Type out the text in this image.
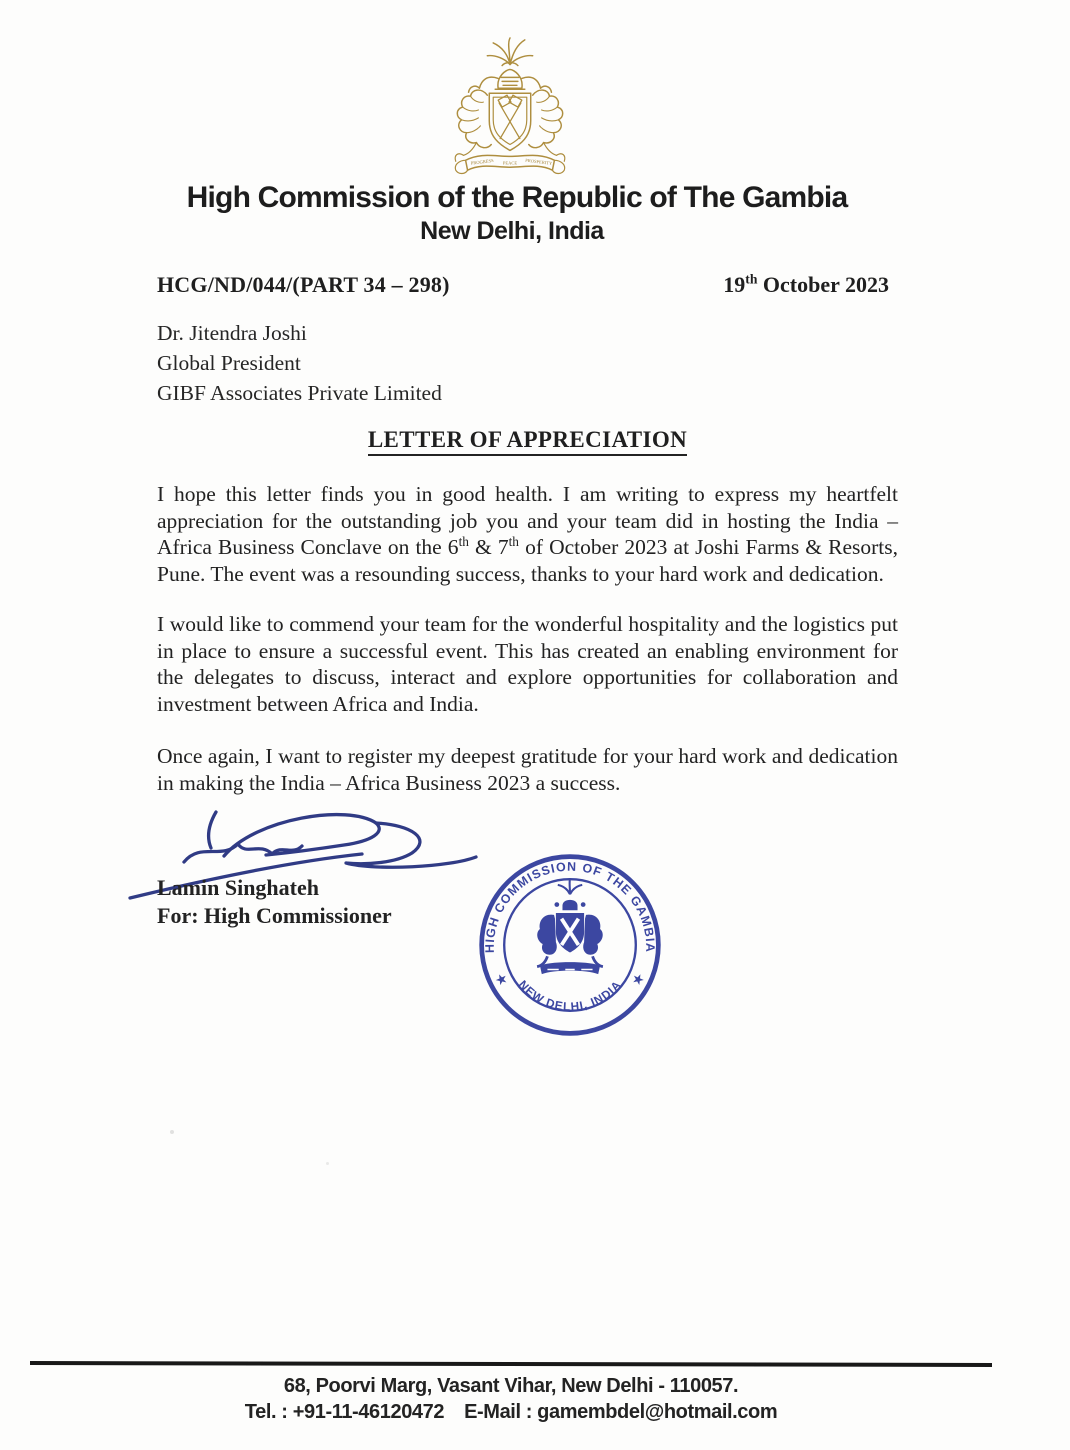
PROGRESS PEACE PROSPERITY
High Commission of the Republic of The Gambia
New Delhi, India
HCG/ND/044/(PART 34 – 298)	19th October 2023
Dr. Jitendra Joshi
Global President
GIBF Associates Private Limited
LETTER OF APPRECIATION

I hope this letter finds you in good health. I am writing to express my heartfelt appreciation for the outstanding job you and your team did in hosting the India – Africa Business Conclave on the 6th & 7th of October 2023 at Joshi Farms & Resorts, Pune. The event was a resounding success, thanks to your hard work and dedication.

I would like to commend your team for the wonderful hospitality and the logistics put in place to ensure a successful event. This has created an enabling environment for the delegates to discuss, interact and explore opportunities for collaboration and investment between Africa and India.

Once again, I want to register my deepest gratitude for your hard work and dedication in making the India – Africa Business 2023 a success.

Lamin Singhateh
For: High Commissioner
HIGH COMMISSION OF THE GAMBIA
NEW DELHI, INDIA
★	★
68, Poorvi Marg, Vasant Vihar, New Delhi - 110057.
Tel. : +91-11-46120472 E-Mail : gamembdel@hotmail.com
